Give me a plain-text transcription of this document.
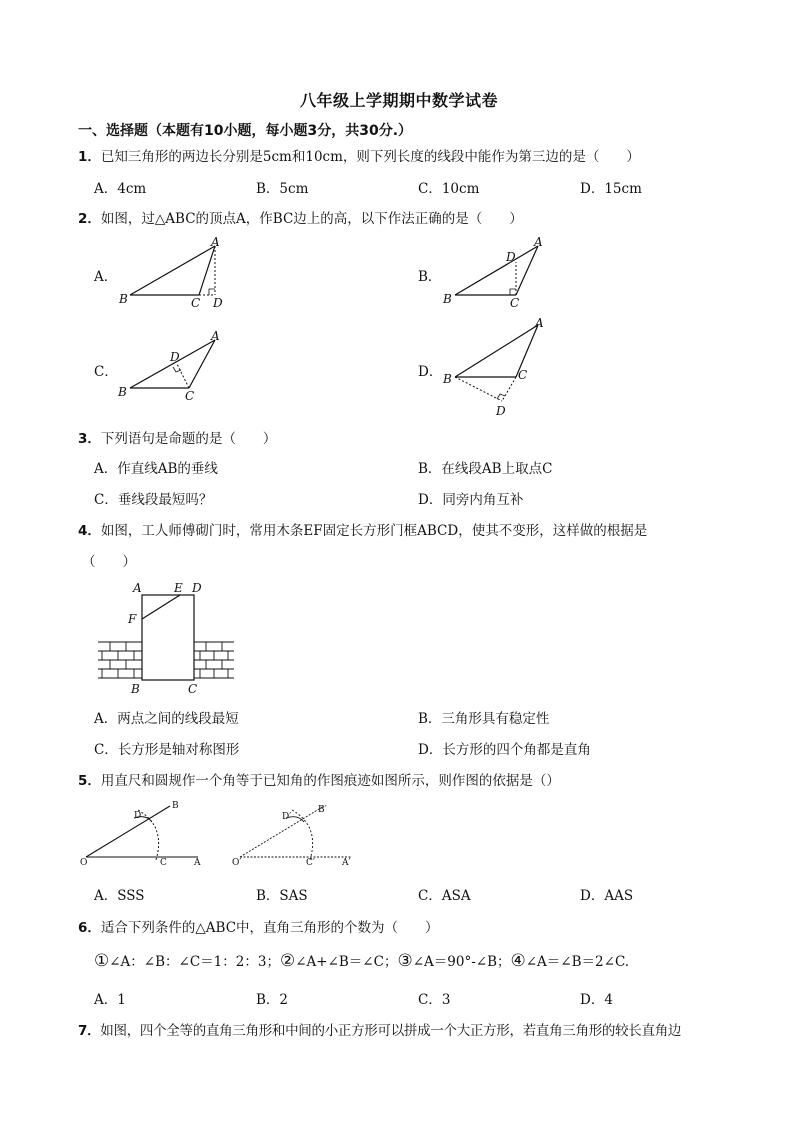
八年级上学期期中数学试卷
一、选择题（本题有10小题，每小题3分，共30分.）
1．已知三角形的两边长分别是5cm和10cm，则下列长度的线段中能作为第三边的是（　　）
A．4cm	B．5cm	C．10cm	D．15cm
2．如图，过△ABC的顶点A，作BC边上的高，以下作法正确的是（　　）
A．	B．
C．	D．
A
B	C D
A
B	C
D
A
B	C
D
A
B	C
D
3．下列语句是命题的是（　　）
A．作直线AB的垂线	B．在线段AB上取点C
C．垂线段最短吗？	D．同旁内角互补
4．如图，工人师傅砌门时，常用木条EF固定长方形门框ABCD，使其不变形，这样做的根据是
（　　）
A	E D
F
B	C
A．两点之间的线段最短	B．三角形具有稳定性
C．长方形是轴对称图形	D．长方形的四个角都是直角
5．用直尺和圆规作一个角等于已知角的作图痕迹如图所示，则作图的依据是（）
B
D
O	C	A
B′
D′
O′	C′	A′
A．SSS	B．SAS	C．ASA	D．AAS
6．适合下列条件的△ABC中，直角三角形的个数为（　　）
①∠A：∠B：∠C＝1：2：3；②∠A+∠B＝∠C；③∠A＝90°-∠B；④∠A＝∠B＝2∠C.
A．1	B．2	C．3	D．4
7．如图，四个全等的直角三角形和中间的小正方形可以拼成一个大正方形，若直角三角形的较长直角边
